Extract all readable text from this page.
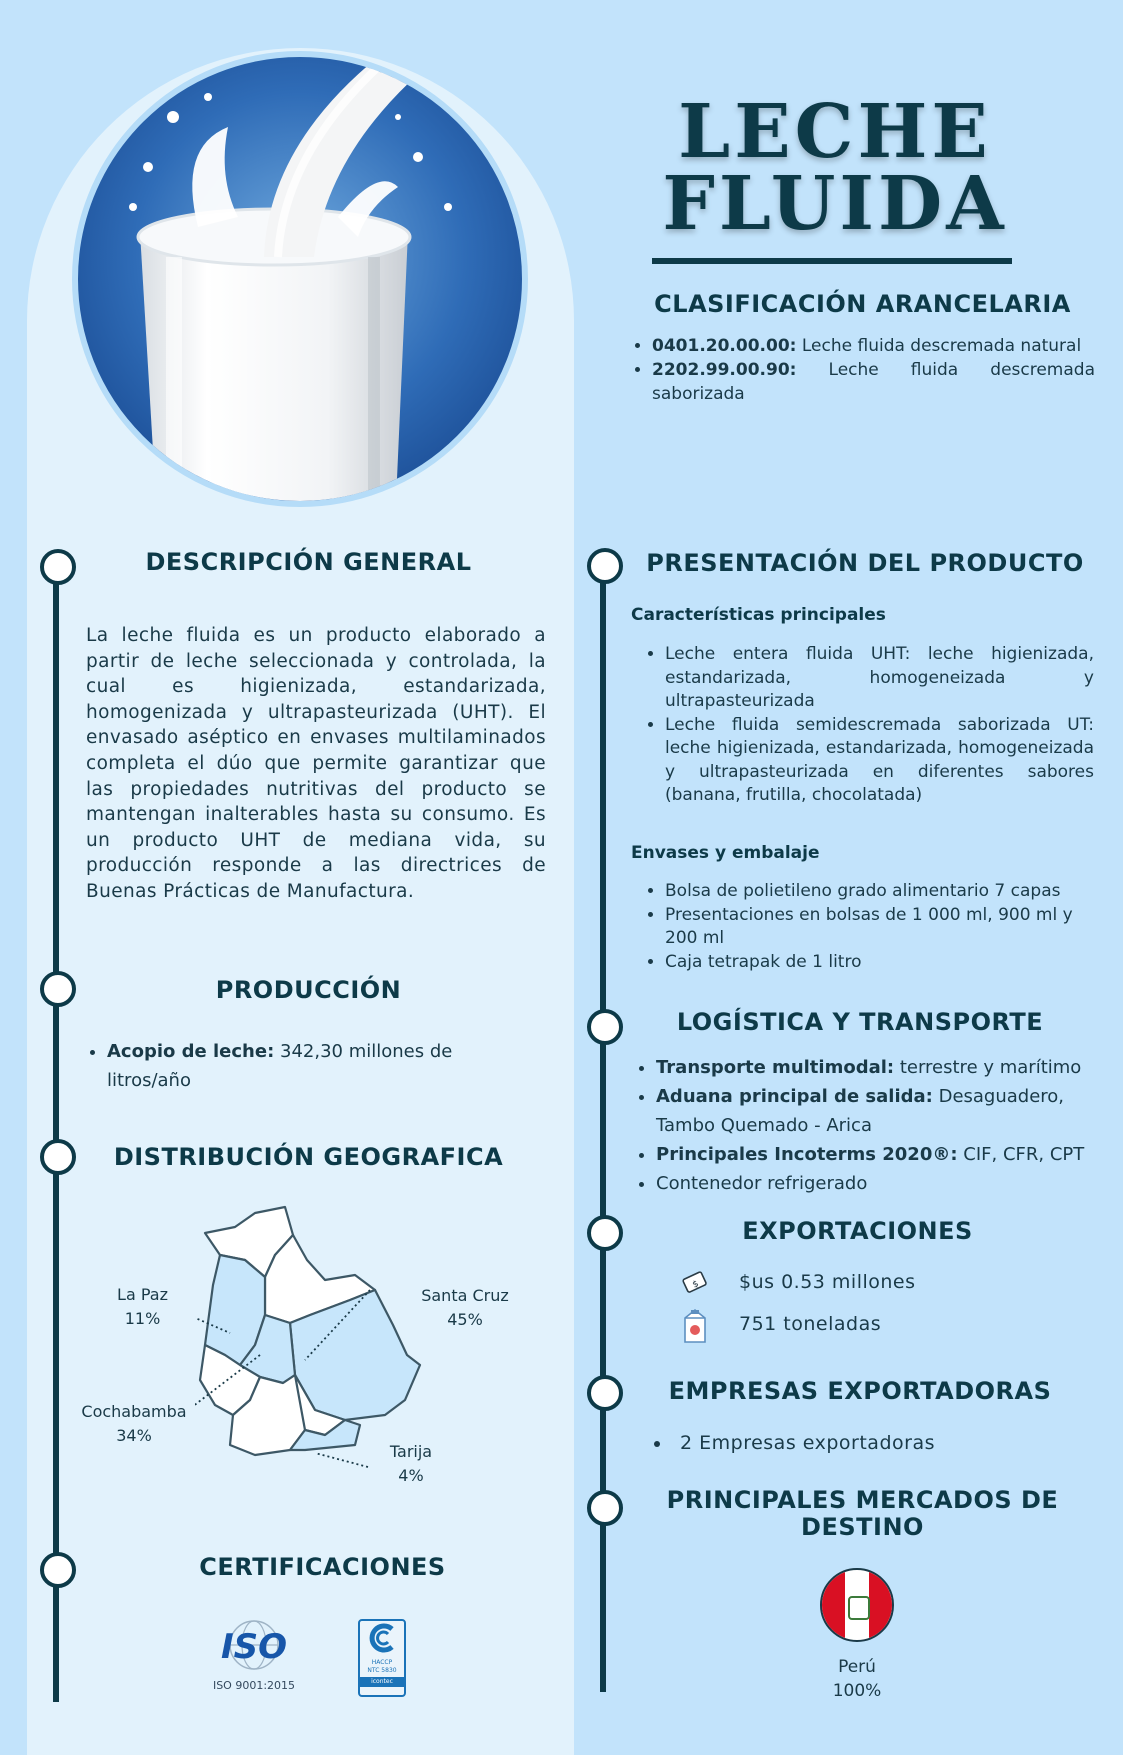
LECHE
FLUIDA
CLASIFICACIÓN ARANCELARIA
• 0401.20.00.00: Leche fluida descremada natural
• 2202.99.00.90: Leche fluida descremada saborizada
DESCRIPCIÓN GENERAL
La leche fluida es un producto elaborado a partir de leche seleccionada y controlada, la cual es higienizada, estandarizada, homogenizada y ultrapasteurizada (UHT). El envasado aséptico en envases multilaminados completa el dúo que permite garantizar que las propiedades nutritivas del producto se mantengan inalterables hasta su consumo. Es un producto UHT de mediana vida, su producción responde a las directrices de Buenas Prácticas de Manufactura.
PRODUCCIÓN
• Acopio de leche: 342,30 millones de litros/año
DISTRIBUCIÓN GEOGRAFICA
La Paz
11%
Santa Cruz
45%
Cochabamba
34%
Tarija
4%
CERTIFICACIONES
ISO
ISO 9001:2015
HACCP
NTC 5830
icontec
PRESENTACIÓN DEL PRODUCTO
Características principales
• Leche entera fluida UHT: leche higienizada, estandarizada, homogeneizada y ultrapasteurizada
• Leche fluida semidescremada saborizada UT: leche higienizada, estandarizada, homogeneizada y ultrapasteurizada en diferentes sabores (banana, frutilla, chocolatada)
Envases y embalaje
• Bolsa de polietileno grado alimentario 7 capas
• Presentaciones en bolsas de 1 000 ml, 900 ml y 200 ml
• Caja tetrapak de 1 litro
LOGÍSTICA Y TRANSPORTE
• Transporte multimodal: terrestre y marítimo
• Aduana principal de salida: Desaguadero, Tambo Quemado - Arica
• Principales Incoterms 2020®: CIF, CFR, CPT
• Contenedor refrigerado
EXPORTACIONES
$ $us 0.53 millones
751 toneladas
EMPRESAS EXPORTADORAS
• 2 Empresas exportadoras
PRINCIPALES MERCADOS DE
DESTINO
Perú
100%
